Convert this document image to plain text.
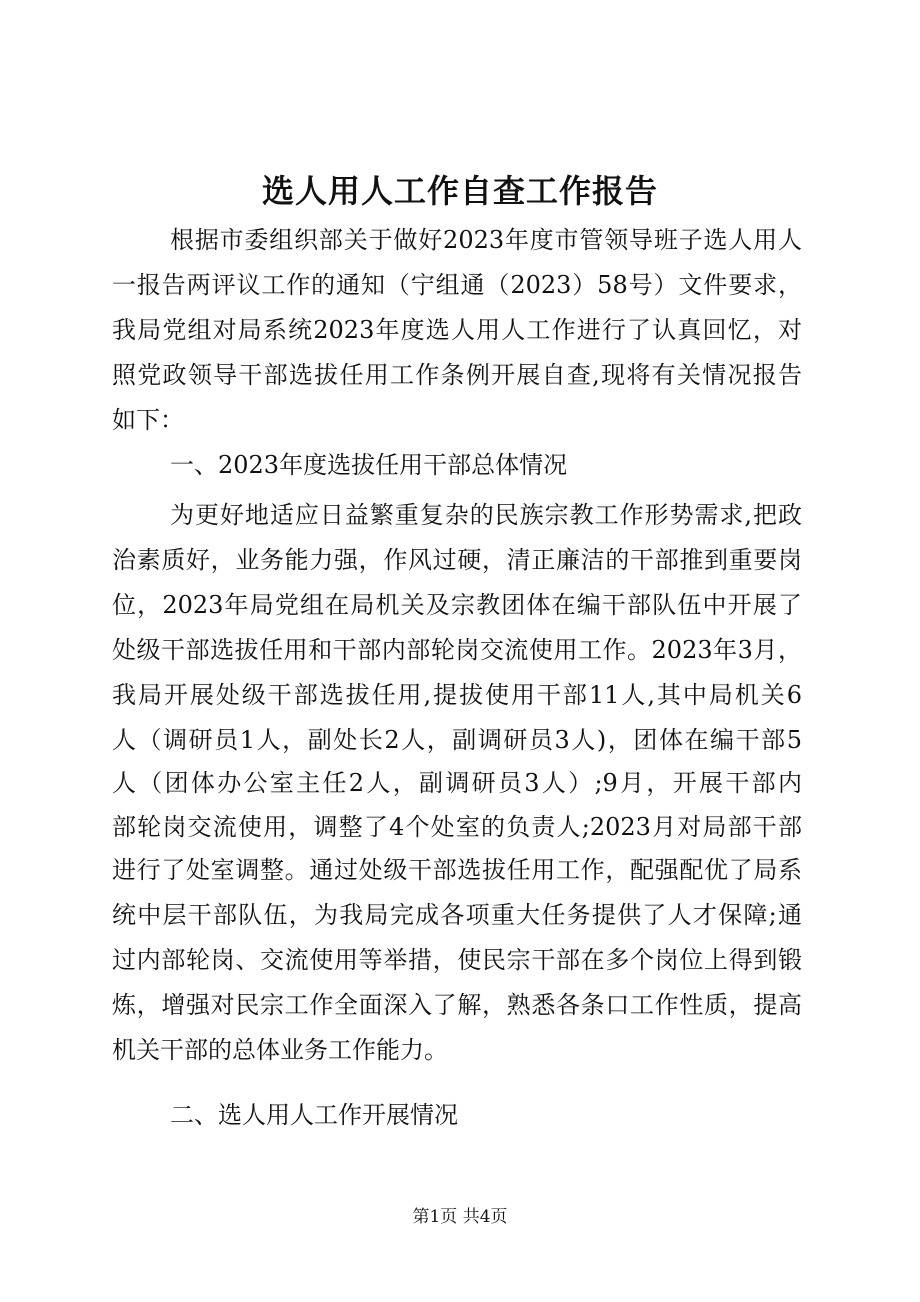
选人用人工作自查工作报告
根据市委组织部关于做好2023年度市管领导班子选人用人
一报告两评议工作的通知（宁组通（2023）58号）文件要求，
我局党组对局系统2023年度选人用人工作进行了认真回忆，对
照党政领导干部选拔任用工作条例开展自查,现将有关情况报告
如下：
一、2023年度选拔任用干部总体情况
为更好地适应日益繁重复杂的民族宗教工作形势需求,把政
治素质好，业务能力强，作风过硬，清正廉洁的干部推到重要岗
位，2023年局党组在局机关及宗教团体在编干部队伍中开展了
处级干部选拔任用和干部内部轮岗交流使用工作。2023年3月，
我局开展处级干部选拔任用,提拔使用干部11人,其中局机关6
人（调研员1人，副处长2人，副调研员3人)，团体在编干部5
人（团体办公室主任2人，副调研员3人）;9月，开展干部内
部轮岗交流使用，调整了4个处室的负责人;2023月对局部干部
进行了处室调整。通过处级干部选拔任用工作，配强配优了局系
统中层干部队伍，为我局完成各项重大任务提供了人才保障;通
过内部轮岗、交流使用等举措，使民宗干部在多个岗位上得到锻
炼，增强对民宗工作全面深入了解，熟悉各条口工作性质，提高
机关干部的总体业务工作能力。
二、选人用人工作开展情况
第1页 共4页
